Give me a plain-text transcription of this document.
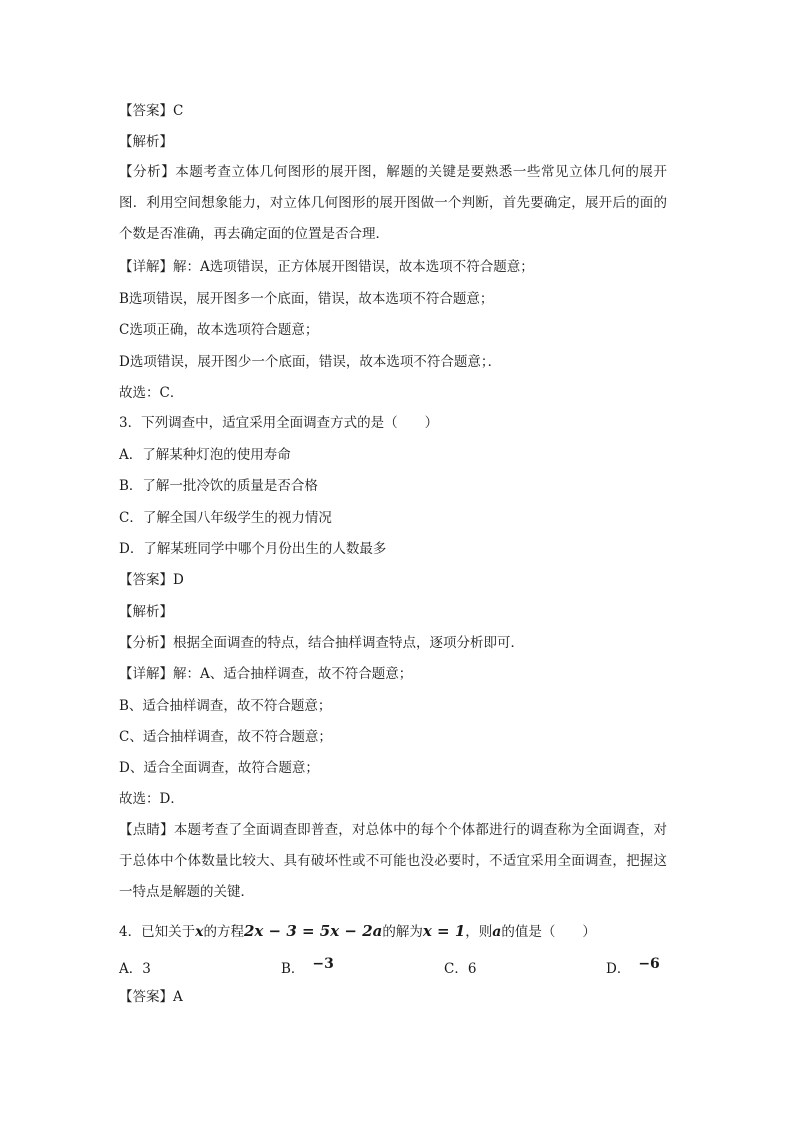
【答案】C
【解析】
【分析】本题考查立体几何图形的展开图，解题的关键是要熟悉一些常见立体几何的展开图．利用空间想象能力，对立体几何图形的展开图做一个判断，首先要确定，展开后的面的个数是否准确，再去确定面的位置是否合理．
【详解】解：A选项错误，正方体展开图错误，故本选项不符合题意；
B选项错误，展开图多一个底面，错误，故本选项不符合题意；
C选项正确，故本选项符合题意；
D选项错误，展开图少一个底面，错误，故本选项不符合题意；．
故选：C．
3．下列调查中，适宜采用全面调查方式的是（　　）
A．了解某种灯泡的使用寿命
B．了解一批冷饮的质量是否合格
C．了解全国八年级学生的视力情况
D．了解某班同学中哪个月份出生的人数最多
【答案】D
【解析】
【分析】根据全面调查的特点，结合抽样调查特点，逐项分析即可．
【详解】解：A、适合抽样调查，故不符合题意；
B、适合抽样调查，故不符合题意；
C、适合抽样调查，故不符合题意；
D、适合全面调查，故符合题意；
故选：D．
【点睛】本题考查了全面调查即普查，对总体中的每个个体都进行的调查称为全面调查，对于总体中个体数量比较大、具有破坏性或不可能也没必要时，不适宜采用全面调查，把握这一特点是解题的关键．
4．已知关于x的方程2x − 3 = 5x − 2a的解为x = 1，则a的值是（　　）
A．3	B． −3	C．6	D． −6
【答案】A
